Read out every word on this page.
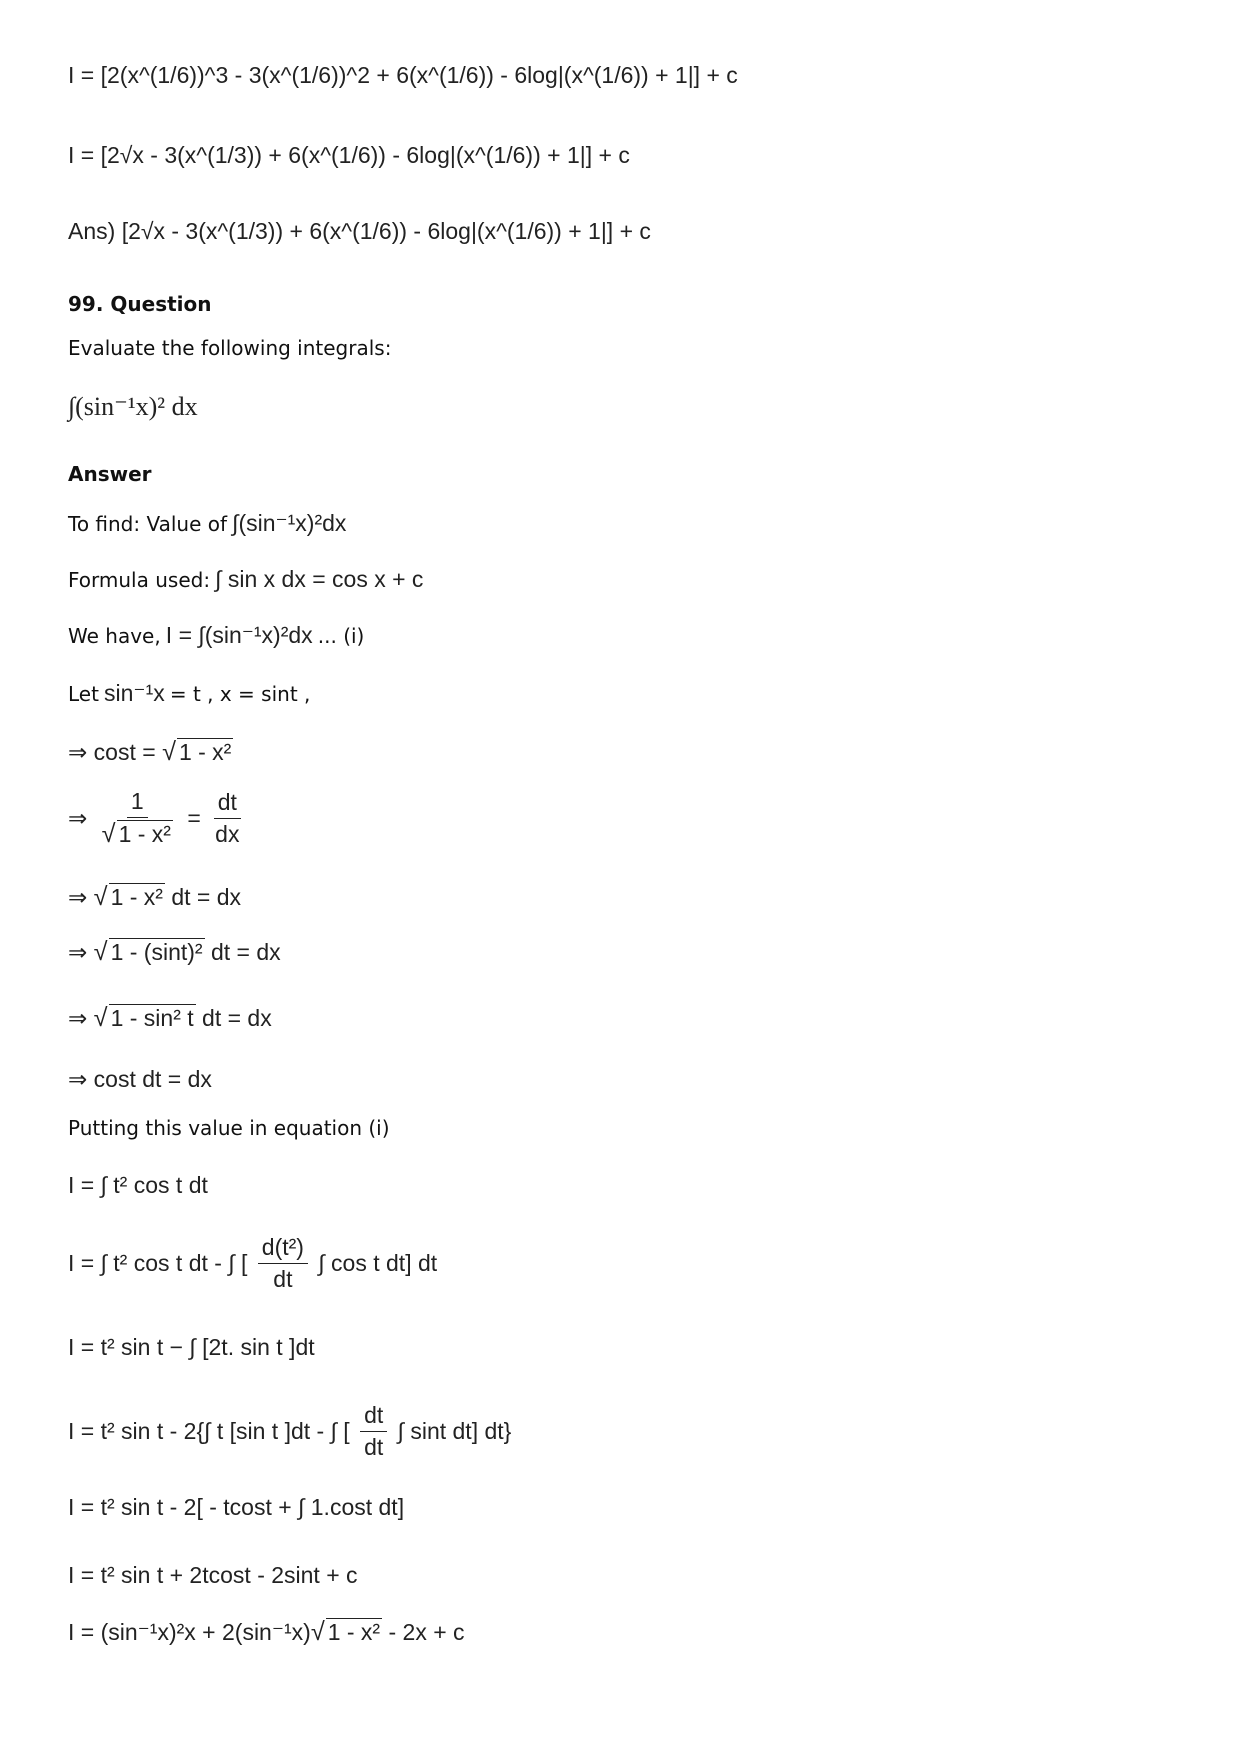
I = [2(x^(1/6))^3 - 3(x^(1/6))^2 + 6(x^(1/6)) - 6log|(x^(1/6)) + 1|] + c
I = [2√x - 3(x^(1/3)) + 6(x^(1/6)) - 6log|(x^(1/6)) + 1|] + c
Ans) [2√x - 3(x^(1/3)) + 6(x^(1/6)) - 6log|(x^(1/6)) + 1|] + c
99. Question
Evaluate the following integrals:
∫(sin⁻¹x)² dx
Answer
To find: Value of ∫(sin⁻¹x)²dx
Formula used: ∫ sin x dx = cos x + c
We have, I = ∫(sin⁻¹x)²dx ... (i)
Let sin⁻¹x = t , x = sint ,
⇒ cost = √ 1 - x²
⇒ $\frac{1}{\text{√ 1 - x²}} = \frac{dt}{dx}$
⇒ √ 1 - x² dt = dx
⇒ √ 1 - (sint)² dt = dx
⇒ √ 1 - sin² t dt = dx
⇒ cost dt = dx
Putting this value in equation (i)
I = ∫ t² cos t dt
I = ∫ t² cos t dt - ∫ [ $\frac{\text{d(t²)}}{dt}$ ∫ cos t dt] dt
I = t² sin t − ∫ [2t. sin t ]dt
I = t² sin t - 2{∫ t [sin t ]dt - ∫ [ $\frac{dt}{dt}$ ∫ sint dt] dt}
I = t² sin t - 2[ - tcost + ∫ 1.cost dt]
I = t² sin t + 2tcost - 2sint + c
I = (sin⁻¹x)²x + 2(sin⁻¹x)√ 1 - x² - 2x + c
